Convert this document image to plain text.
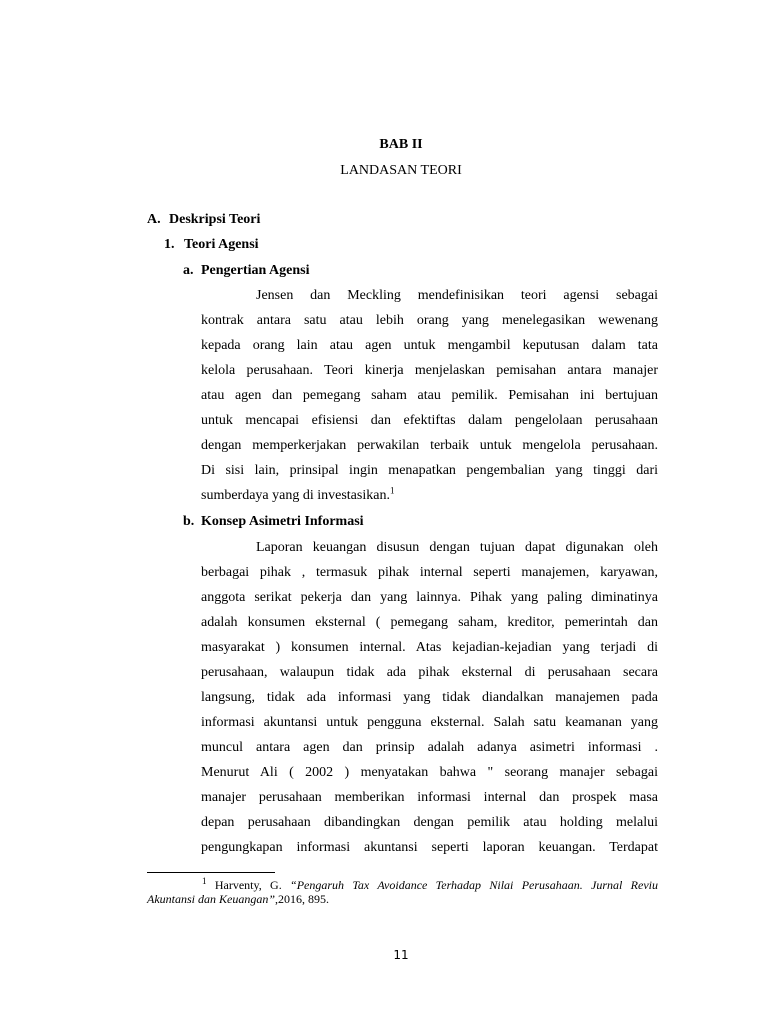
BAB II
LANDASAN TEORI
A. Deskripsi Teori
1. Teori Agensi
a. Pengertian Agensi
Jensen dan Meckling mendefinisikan teori agensi sebagai
kontrak antara satu atau lebih orang yang menelegasikan wewenang
kepada orang lain atau agen untuk mengambil keputusan dalam tata
kelola perusahaan. Teori kinerja menjelaskan pemisahan antara manajer
atau agen dan pemegang saham atau pemilik. Pemisahan ini bertujuan
untuk mencapai efisiensi dan efektiftas dalam pengelolaan perusahaan
dengan memperkerjakan perwakilan terbaik untuk mengelola perusahaan.
Di sisi lain, prinsipal ingin menapatkan pengembalian yang tinggi dari
sumberdaya yang di investasikan.$^1$
b. Konsep Asimetri Informasi
Laporan keuangan disusun dengan tujuan dapat digunakan oleh
berbagai pihak , termasuk pihak internal seperti manajemen, karyawan,
anggota serikat pekerja dan yang lainnya. Pihak yang paling diminatinya
adalah konsumen eksternal ( pemegang saham, kreditor, pemerintah dan
masyarakat ) konsumen internal. Atas kejadian-kejadian yang terjadi di
perusahaan, walaupun tidak ada pihak eksternal di perusahaan secara
langsung, tidak ada informasi yang tidak diandalkan manajemen pada
informasi akuntansi untuk pengguna eksternal. Salah satu keamanan yang
muncul antara agen dan prinsip adalah adanya asimetri informasi .
Menurut Ali ( 2002 ) menyatakan bahwa " seorang manajer sebagai
manajer perusahaan memberikan informasi internal dan prospek masa
depan perusahaan dibandingkan dengan pemilik atau holding melalui
pengungkapan informasi akuntansi seperti laporan keuangan. Terdapat
$^1$ Harventy, G. “Pengaruh Tax Avoidance Terhadap Nilai Perusahaan. Jurnal Reviu
Akuntansi dan Keuangan”,2016, 895.
11
